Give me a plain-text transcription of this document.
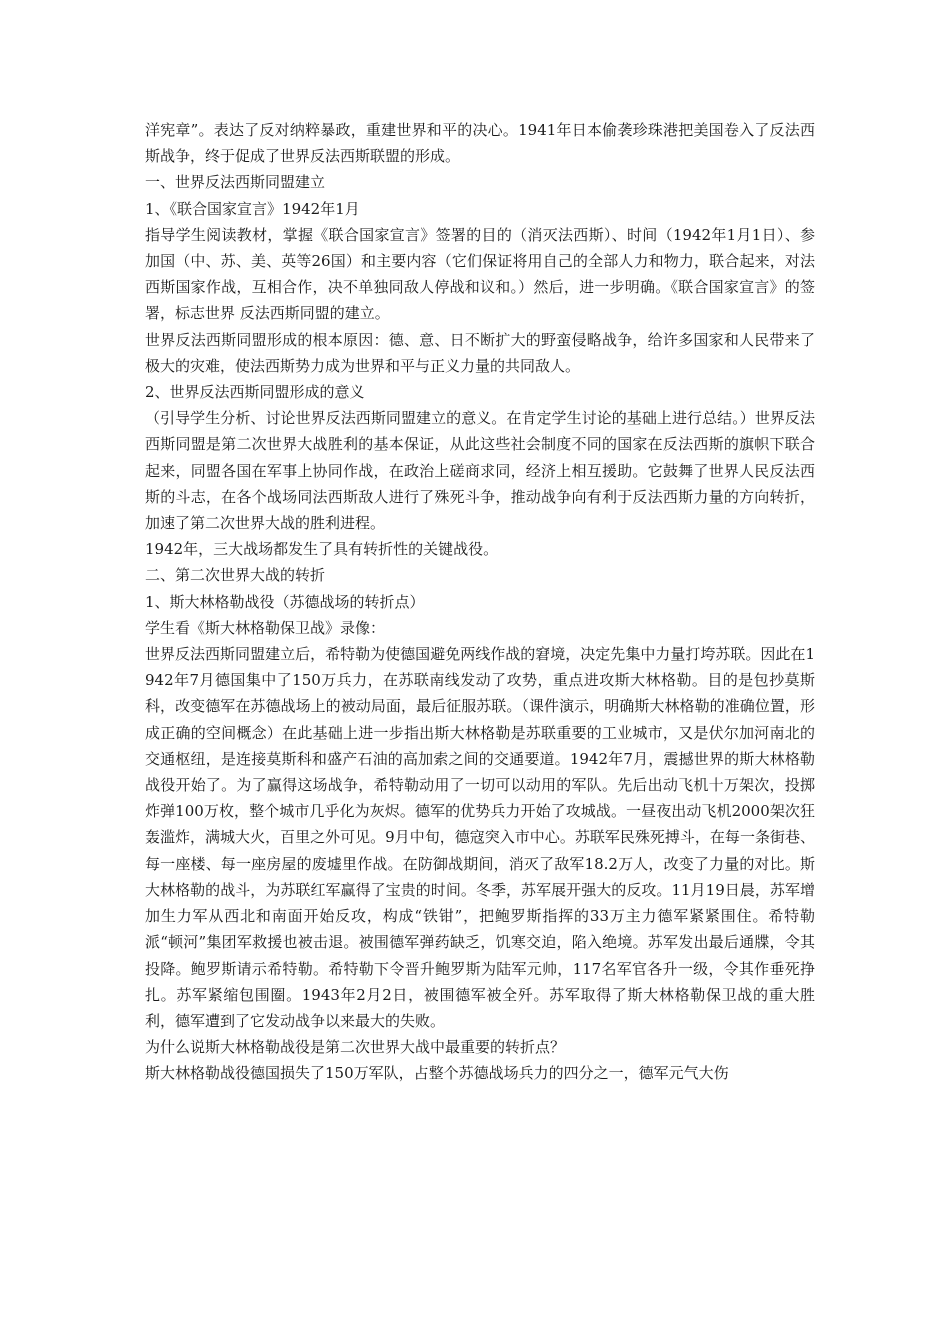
洋宪章”。表达了反对纳粹暴政，重建世界和平的决心。1941年日本偷袭珍珠港把美国卷入了反法西斯战争，终于促成了世界反法西斯联盟的形成。

一、世界反法西斯同盟建立

1、《联合国家宣言》1942年1月

指导学生阅读教材，掌握《联合国家宣言》签署的目的（消灭法西斯）、时间（1942年1月1日）、参加国（中、苏、美、英等26国）和主要内容（它们保证将用自己的全部人力和物力，联合起来，对法西斯国家作战，互相合作，决不单独同敌人停战和议和。）然后，进一步明确。《联合国家宣言》的签署，标志世界 反法西斯同盟的建立。

世界反法西斯同盟形成的根本原因：德、意、日不断扩大的野蛮侵略战争，给许多国家和人民带来了极大的灾难，使法西斯势力成为世界和平与正义力量的共同敌人。

2、世界反法西斯同盟形成的意义

（引导学生分析、讨论世界反法西斯同盟建立的意义。在肯定学生讨论的基础上进行总结。）世界反法西斯同盟是第二次世界大战胜利的基本保证，从此这些社会制度不同的国家在反法西斯的旗帜下联合起来，同盟各国在军事上协同作战，在政治上磋商求同，经济上相互援助。它鼓舞了世界人民反法西斯的斗志，在各个战场同法西斯敌人进行了殊死斗争，推动战争向有利于反法西斯力量的方向转折，加速了第二次世界大战的胜利进程。

1942年，三大战场都发生了具有转折性的关键战役。

二、第二次世界大战的转折

1、斯大林格勒战役（苏德战场的转折点）

学生看《斯大林格勒保卫战》录像：

世界反法西斯同盟建立后，希特勒为使德国避免两线作战的窘境，决定先集中力量打垮苏联。因此在1942年7月德国集中了150万兵力，在苏联南线发动了攻势，重点进攻斯大林格勒。目的是包抄莫斯科，改变德军在苏德战场上的被动局面，最后征服苏联。（课件演示，明确斯大林格勒的准确位置，形成正确的空间概念）在此基础上进一步指出斯大林格勒是苏联重要的工业城市，又是伏尔加河南北的交通枢纽，是连接莫斯科和盛产石油的高加索之间的交通要道。1942年7月，震撼世界的斯大林格勒战役开始了。为了赢得这场战争，希特勒动用了一切可以动用的军队。先后出动飞机十万架次，投掷炸弹100万枚，整个城市几乎化为灰烬。德军的优势兵力开始了攻城战。一昼夜出动飞机2000架次狂轰滥炸，满城大火，百里之外可见。9月中旬，德寇突入市中心。苏联军民殊死搏斗，在每一条街巷、每一座楼、每一座房屋的废墟里作战。在防御战期间，消灭了敌军18.2万人，改变了力量的对比。斯大林格勒的战斗，为苏联红军赢得了宝贵的时间。冬季，苏军展开强大的反攻。11月19日晨，苏军增加生力军从西北和南面开始反攻，构成“铁钳”，把鲍罗斯指挥的33万主力德军紧紧围住。希特勒派“顿河”集团军救援也被击退。被围德军弹药缺乏，饥寒交迫，陷入绝境。苏军发出最后通牒，令其投降。鲍罗斯请示希特勒。希特勒下令晋升鲍罗斯为陆军元帅，117名军官各升一级，令其作垂死挣扎。苏军紧缩包围圈。1943年2月2日，被围德军被全歼。苏军取得了斯大林格勒保卫战的重大胜利，德军遭到了它发动战争以来最大的失败。

为什么说斯大林格勒战役是第二次世界大战中最重要的转折点？

斯大林格勒战役德国损失了150万军队，占整个苏德战场兵力的四分之一，德军元气大伤
